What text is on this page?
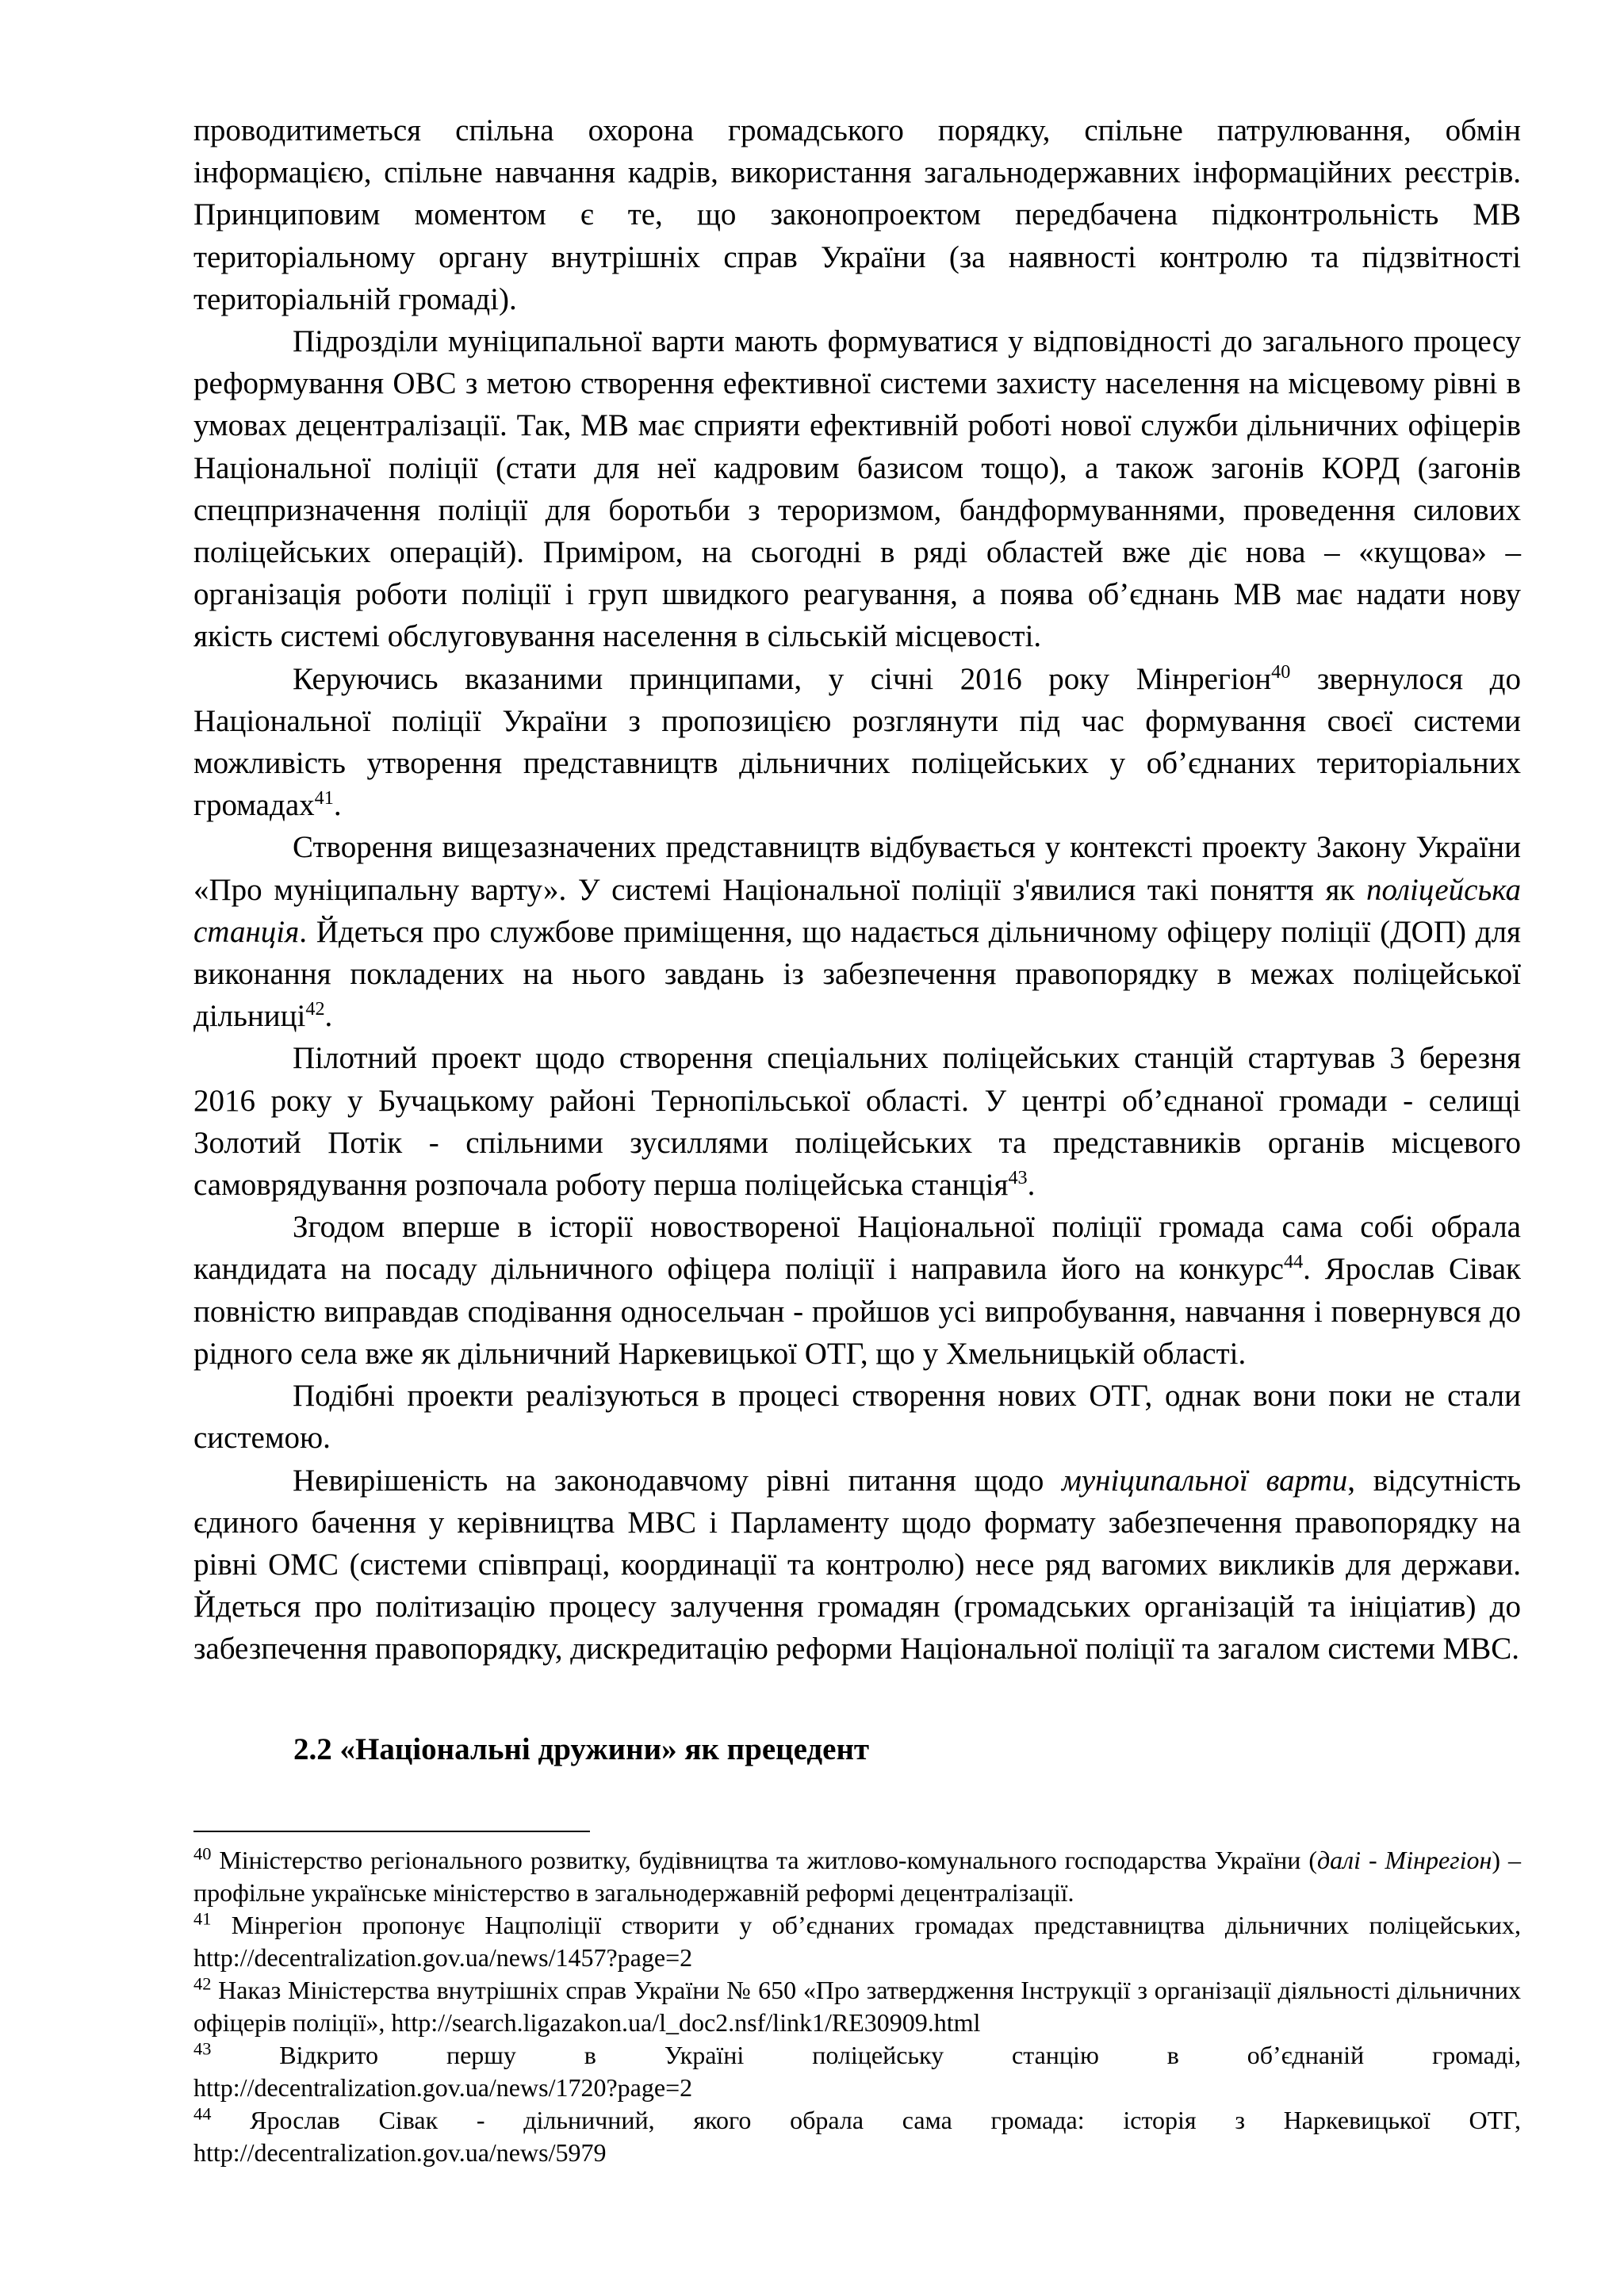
проводитиметься спільна охорона громадського порядку, спільне патрулювання, обмін інформацією, спільне навчання кадрів, використання загальнодержавних інформаційних реєстрів. Принциповим моментом є те, що законопроектом передбачена підконтрольність МВ територіальному органу внутрішніх справ України (за наявності контролю та підзвітності територіальній громаді).

Підрозділи муніципальної варти мають формуватися у відповідності до загального процесу реформування ОВС з метою створення ефективної системи захисту населення на місцевому рівні в умовах децентралізації. Так, МВ має сприяти ефективній роботі нової служби дільничних офіцерів Національної поліції (стати для неї кадровим базисом тощо), а також загонів КОРД (загонів спецпризначення поліції для боротьби з тероризмом, бандформуваннями, проведення силових поліцейських операцій). Приміром, на сьогодні в ряді областей вже діє нова – «кущова» – організація роботи поліції і груп швидкого реагування, а поява об’єднань МВ має надати нову якість системі обслуговування населення в сільській місцевості.

Керуючись вказаними принципами, у січні 2016 року Мінрегіон$^{40}$ звернулося до Національної поліції України з пропозицією розглянути під час формування своєї системи можливість утворення представництв дільничних поліцейських у об’єднаних територіальних громадах$^{41}$.

Створення вищезазначених представництв відбувається у контексті проекту Закону України «Про муніципальну варту». У системі Національної поліції з'явилися такі поняття як поліцейська станція. Йдеться про службове приміщення, що надається дільничному офіцеру поліції (ДОП) для виконання покладених на нього завдань із забезпечення правопорядку в межах поліцейської дільниці$^{42}$.

Пілотний проект щодо створення спеціальних поліцейських станцій стартував 3 березня 2016 року у Бучацькому районі Тернопільської області. У центрі об’єднаної громади - селищі Золотий Потік - спільними зусиллями поліцейських та представників органів місцевого самоврядування розпочала роботу перша поліцейська станція$^{43}$.

Згодом вперше в історії новоствореної Національної поліції громада сама собі обрала кандидата на посаду дільничного офіцера поліції і направила його на конкурс$^{44}$. Ярослав Сівак повністю виправдав сподівання односельчан - пройшов усі випробування, навчання і повернувся до рідного села вже як дільничний Наркевицької ОТГ, що у Хмельницькій області.

Подібні проекти реалізуються в процесі створення нових ОТГ, однак вони поки не стали системою.

Невирішеність на законодавчому рівні питання щодо муніципальної варти, відсутність єдиного бачення у керівництва МВС і Парламенту щодо формату забезпечення правопорядку на рівні ОМС (системи співпраці, координації та контролю) несе ряд вагомих викликів для держави. Йдеться про політизацію процесу залучення громадян (громадських організацій та ініціатив) до забезпечення правопорядку, дискредитацію реформи Національної поліції та загалом системи МВС.

2.2 «Національні дружини» як прецедент

$^{40}$ Міністерство регіонального розвитку, будівництва та житлово-комунального господарства України (далі - Мінрегіон) – профільне українське міністерство в загальнодержавній реформі децентралізації.

$^{41}$ Мінрегіон пропонує Нацполіції створити у об’єднаних громадах представництва дільничних поліцейських,

http://decentralization.gov.ua/news/1457?page=2

$^{42}$ Наказ Міністерства внутрішніх справ України № 650 «Про затвердження Інструкції з організації діяльності дільничних офіцерів поліції», http://search.ligazakon.ua/l_doc2.nsf/link1/RE30909.html

$^{43}$ Відкрито першу в Україні поліцейську станцію в об’єднаній громаді,

http://decentralization.gov.ua/news/1720?page=2

$^{44}$ Ярослав Сівак - дільничний, якого обрала сама громада: історія з Наркевицької ОТГ,

http://decentralization.gov.ua/news/5979
